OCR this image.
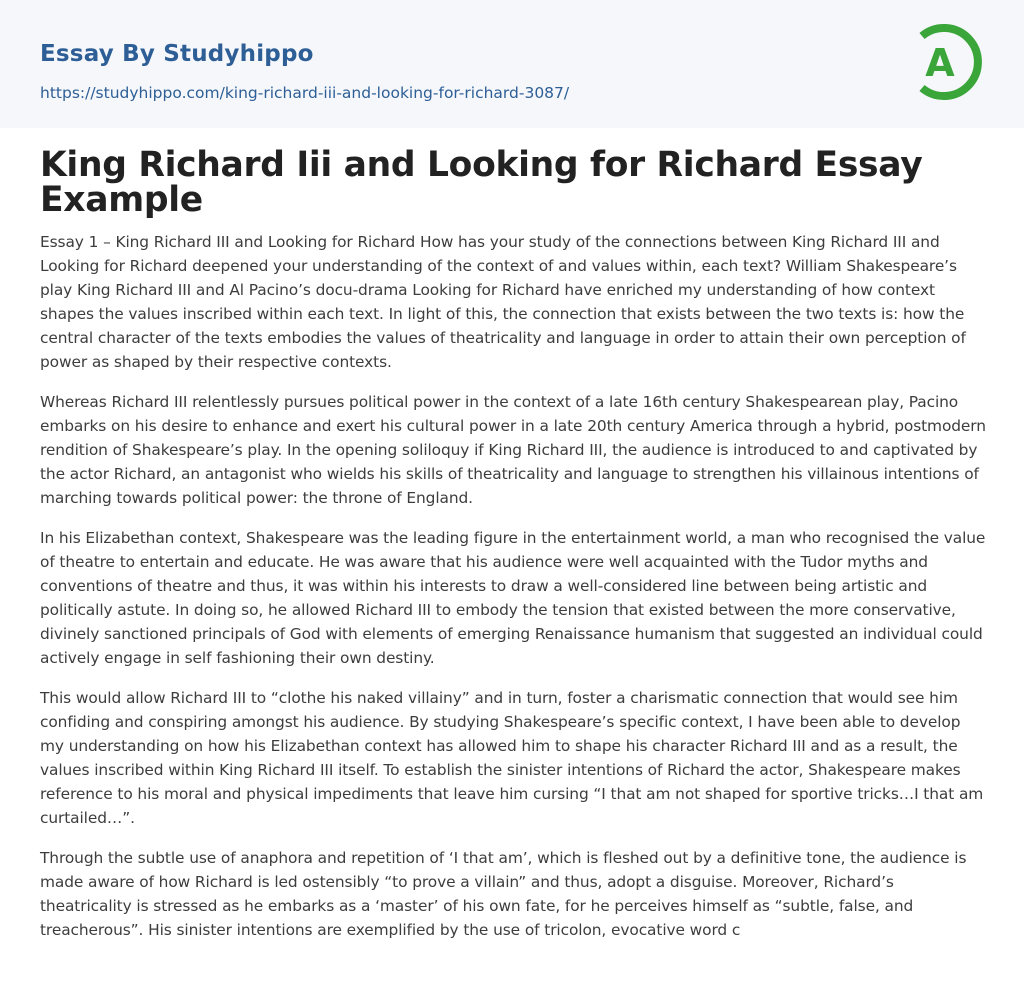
Essay By Studyhippo
https://studyhippo.com/king-richard-iii-and-looking-for-richard-3087/
A
King Richard Iii and Looking for Richard Essay Example

Essay 1 – King Richard III and Looking for Richard How has your study of the connections between King Richard III and Looking for Richard deepened your understanding of the context of and values within, each text? William Shakespeare’s play King Richard III and Al Pacino’s docu-drama Looking for Richard have enriched my understanding of how context shapes the values inscribed within each text. In light of this, the connection that exists between the two texts is: how the central character of the texts embodies the values of theatricality and language in order to attain their own perception of power as shaped by their respective contexts.

Whereas Richard III relentlessly pursues political power in the context of a late 16th century Shakespearean play, Pacino embarks on his desire to enhance and exert his cultural power in a late 20th century America through a hybrid, postmodern rendition of Shakespeare’s play. In the opening soliloquy if King Richard III, the audience is introduced to and captivated by the actor Richard, an antagonist who wields his skills of theatricality and language to strengthen his villainous intentions of marching towards political power: the throne of England.

In his Elizabethan context, Shakespeare was the leading figure in the entertainment world, a man who recognised the value of theatre to entertain and educate. He was aware that his audience were well acquainted with the Tudor myths and conventions of theatre and thus, it was within his interests to draw a well-considered line between being artistic and politically astute. In doing so, he allowed Richard III to embody the tension that existed between the more conservative, divinely sanctioned principals of God with elements of emerging Renaissance humanism that suggested an individual could actively engage in self fashioning their own destiny.

This would allow Richard III to “clothe his naked villainy” and in turn, foster a charismatic connection that would see him confiding and conspiring amongst his audience. By studying Shakespeare’s specific context, I have been able to develop my understanding on how his Elizabethan context has allowed him to shape his character Richard III and as a result, the values inscribed within King Richard III itself. To establish the sinister intentions of Richard the actor, Shakespeare makes reference to his moral and physical impediments that leave him cursing “I that am not shaped for sportive tricks…I that am curtailed…”.

Through the subtle use of anaphora and repetition of ‘I that am’, which is fleshed out by a definitive tone, the audience is made aware of how Richard is led ostensibly “to prove a villain” and thus, adopt a disguise. Moreover, Richard’s theatricality is stressed as he embarks as a ‘master’ of his own fate, for he perceives himself as “subtle, false, and treacherous”. His sinister intentions are exemplified by the use of tricolon, evocative word c
